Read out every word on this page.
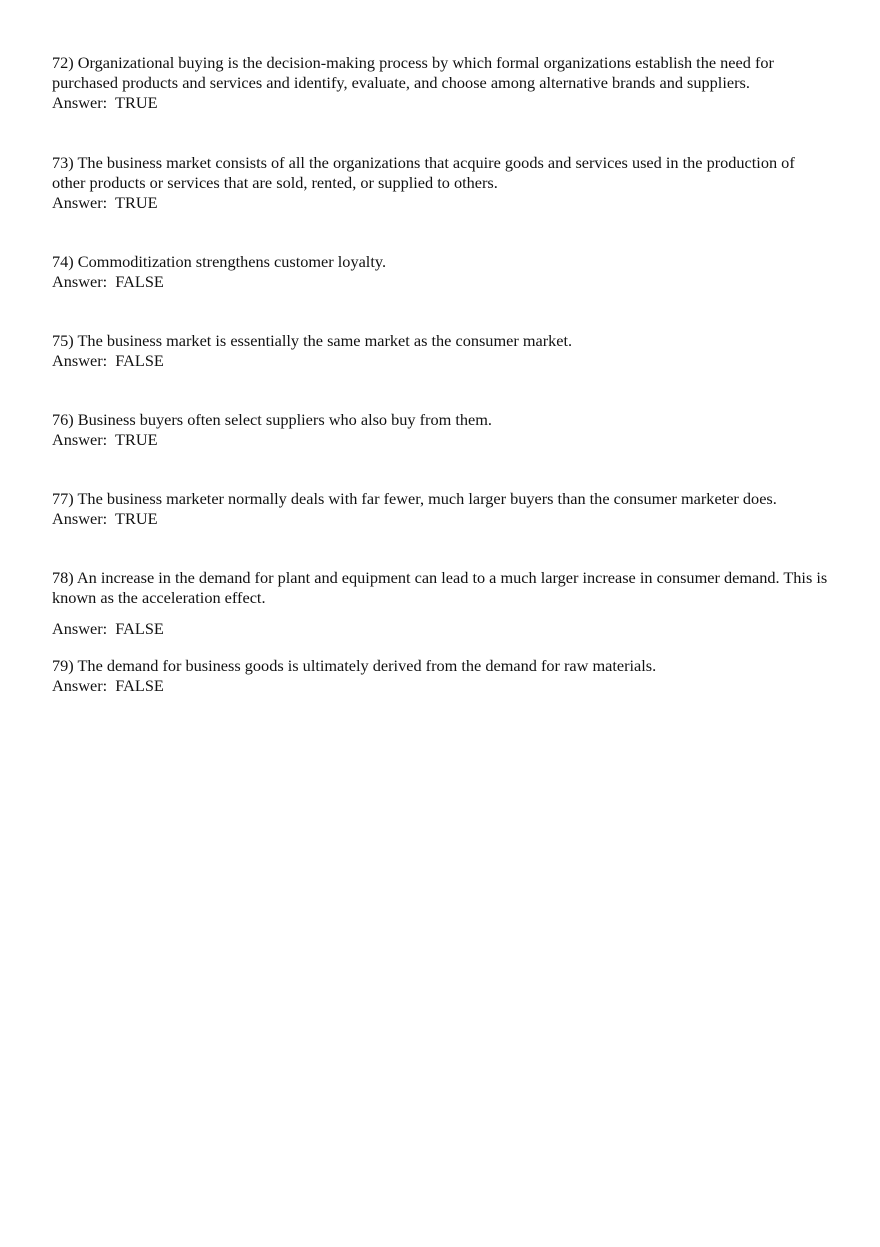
72) Organizational buying is the decision-making process by which formal organizations establish the need for purchased products and services and identify, evaluate, and choose among alternative brands and suppliers.

Answer:  TRUE

73) The business market consists of all the organizations that acquire goods and services used in the production of other products or services that are sold, rented, or supplied to others.

Answer:  TRUE

74) Commoditization strengthens customer loyalty.

Answer:  FALSE

75) The business market is essentially the same market as the consumer market.

Answer:  FALSE

76) Business buyers often select suppliers who also buy from them.

Answer:  TRUE

77) The business marketer normally deals with far fewer, much larger buyers than the consumer marketer does.

Answer:  TRUE

78) An increase in the demand for plant and equipment can lead to a much larger increase in consumer demand. This is known as the acceleration effect.

Answer:  FALSE

79) The demand for business goods is ultimately derived from the demand for raw materials.

Answer:  FALSE
